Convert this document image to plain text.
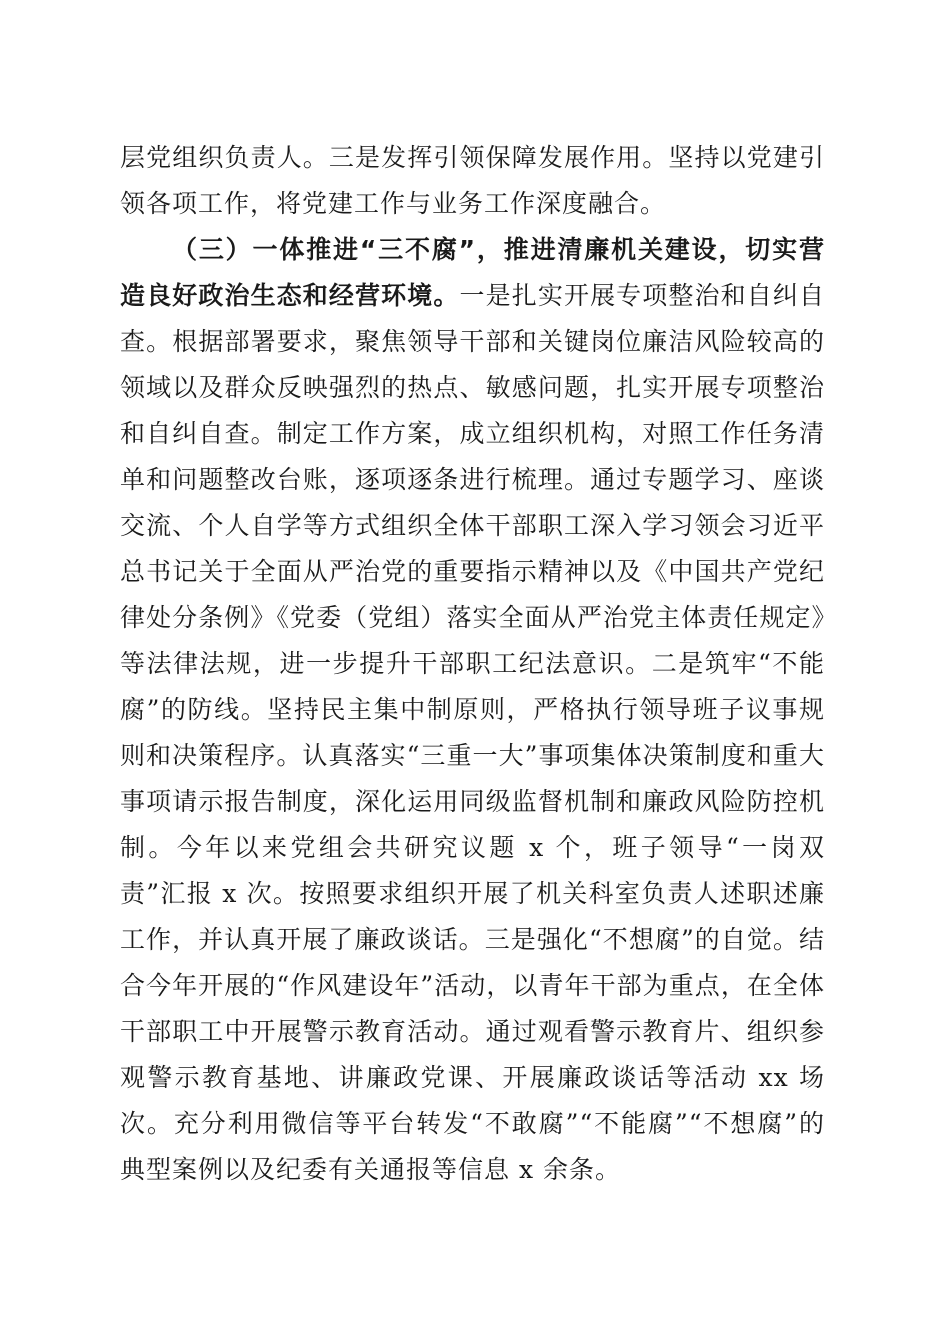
层党组织负责人。三是发挥引领保障发展作用。坚持以党建引领各项工作，将党建工作与业务工作深度融合。

（三）一体推进“三不腐”，推进清廉机关建设，切实营造良好政治生态和经营环境。一是扎实开展专项整治和自纠自查。根据部署要求，聚焦领导干部和关键岗位廉洁风险较高的领域以及群众反映强烈的热点、敏感问题，扎实开展专项整治和自纠自查。制定工作方案，成立组织机构，对照工作任务清单和问题整改台账，逐项逐条进行梳理。通过专题学习、座谈交流、个人自学等方式组织全体干部职工深入学习领会习近平总书记关于全面从严治党的重要指示精神以及《中国共产党纪律处分条例》《党委（党组）落实全面从严治党主体责任规定》等法律法规，进一步提升干部职工纪法意识。二是筑牢“不能腐”的防线。坚持民主集中制原则，严格执行领导班子议事规则和决策程序。认真落实“三重一大”事项集体决策制度和重大事项请示报告制度，深化运用同级监督机制和廉政风险防控机制。今年以来党组会共研究议题 x 个，班子领导“一岗双责”汇报 x 次。按照要求组织开展了机关科室负责人述职述廉工作，并认真开展了廉政谈话。三是强化“不想腐”的自觉。结合今年开展的“作风建设年”活动，以青年干部为重点，在全体干部职工中开展警示教育活动。通过观看警示教育片、组织参观警示教育基地、讲廉政党课、开展廉政谈话等活动 xx 场次。充分利用微信等平台转发“不敢腐”“不能腐”“不想腐”的典型案例以及纪委有关通报等信息 x 余条。
